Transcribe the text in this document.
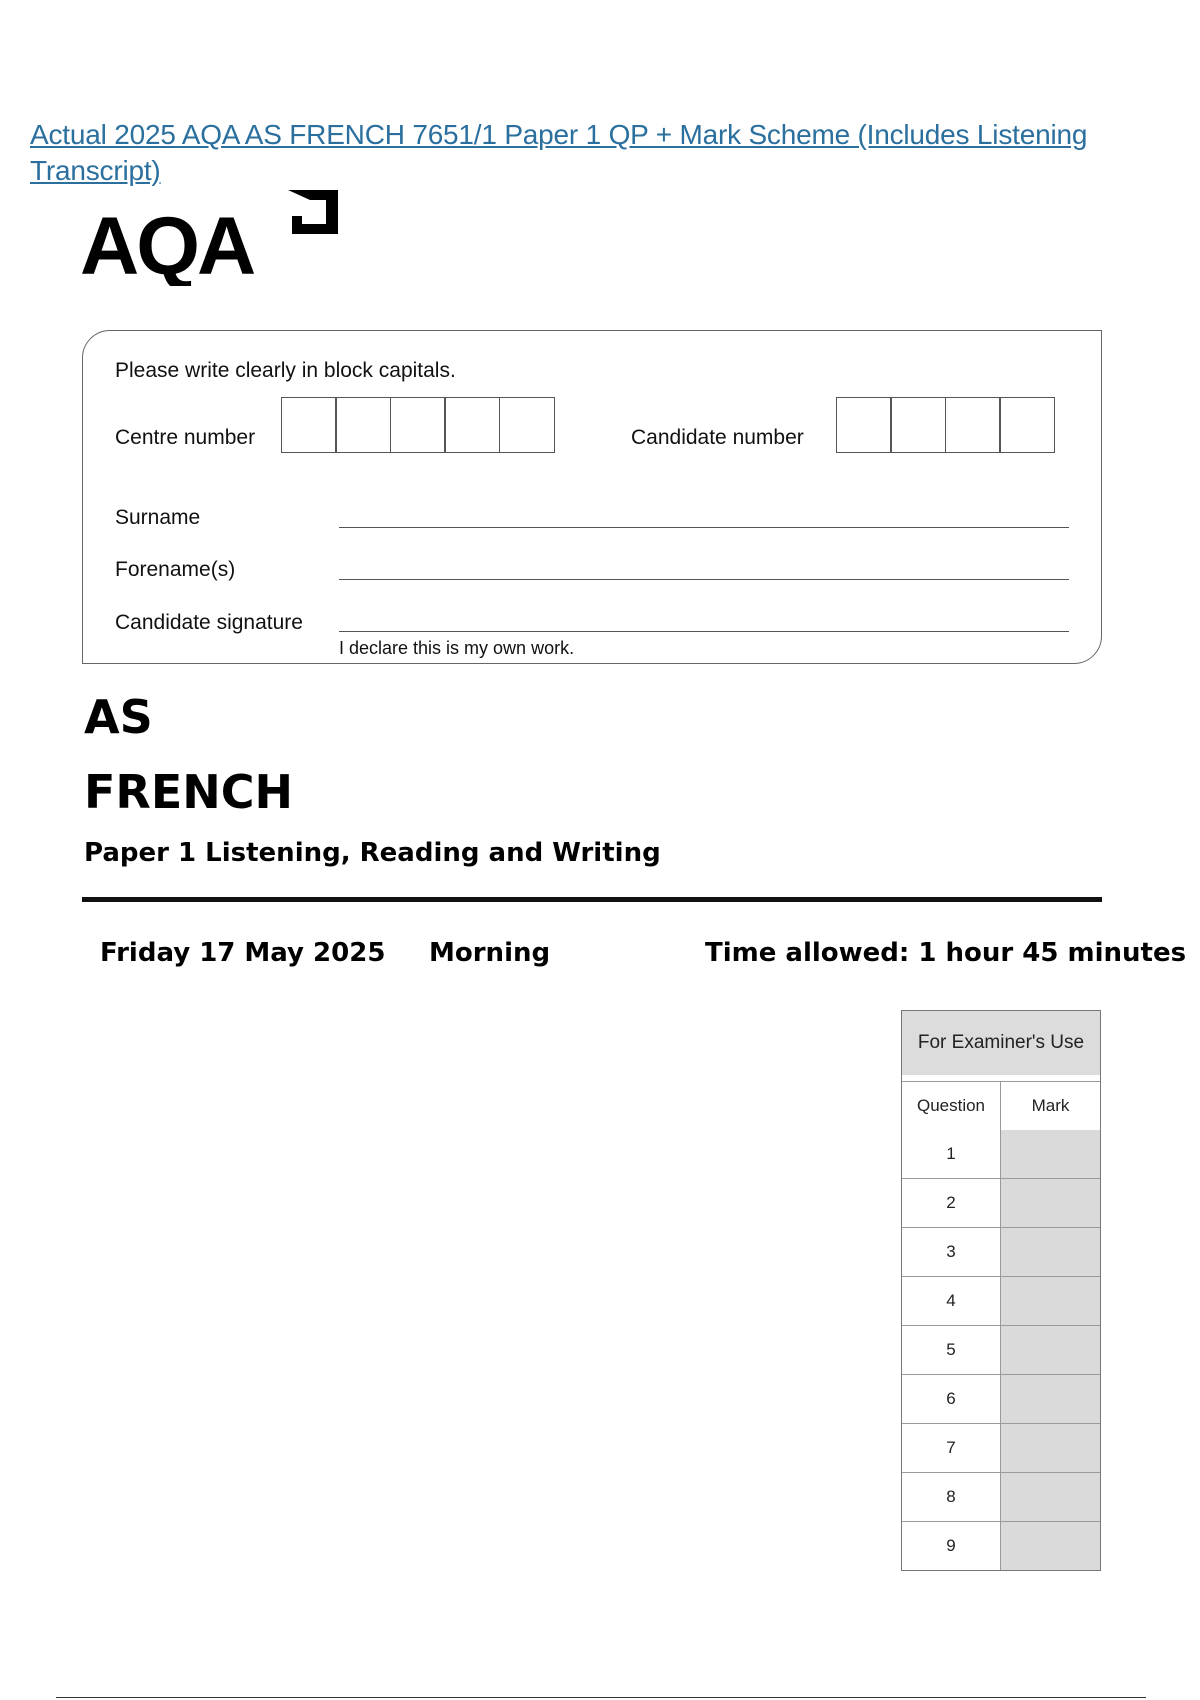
Actual 2025 AQA AS FRENCH 7651/1 Paper 1 QP + Mark Scheme (Includes Listening Transcript)
AQA
Please write clearly in block capitals.
Centre number	Candidate number
Surname
Forename(s)
Candidate signature
I declare this is my own work.
AS
FRENCH
Paper 1 Listening, Reading and Writing
Friday 17 May 2025 Morning	Time allowed: 1 hour 45 minutes
For Examiner's Use
Question	Mark
1
2
3
4
5
6
7
8
9
